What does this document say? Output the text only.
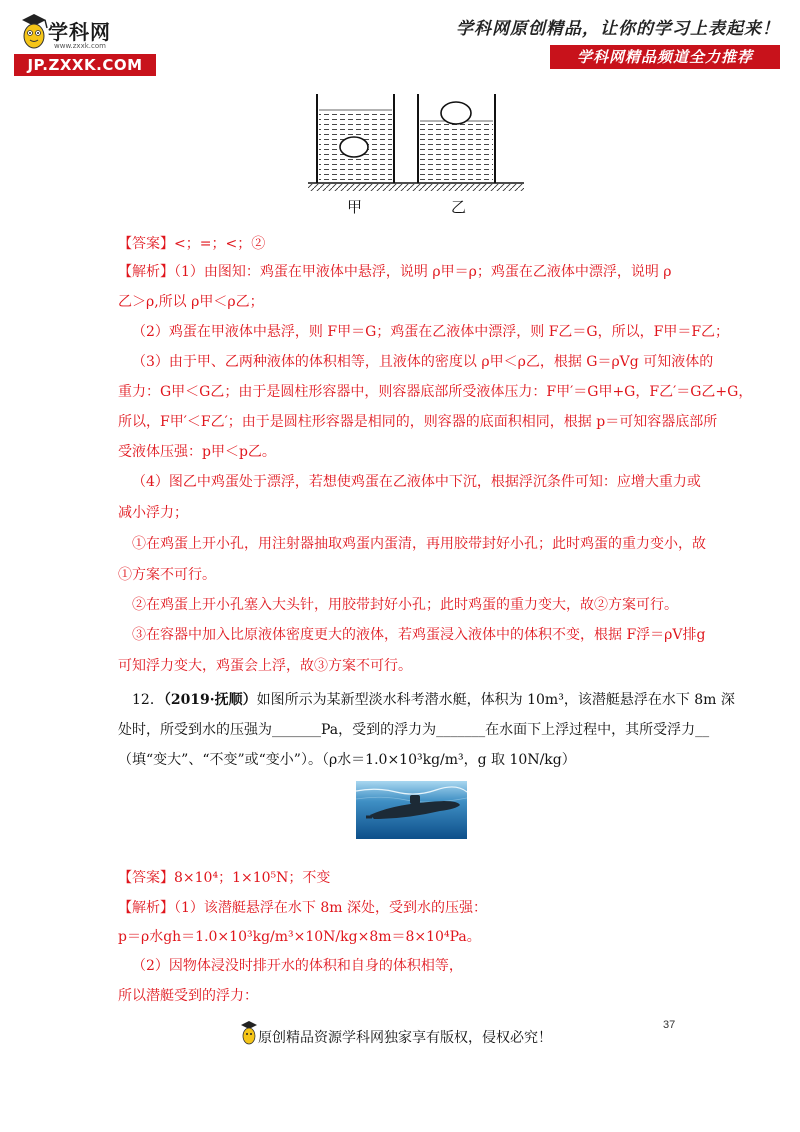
学科网
www.zxxk.com
JP.ZXXK.COM
学科网原创精品，让你的学习上表起来！
学科网精品频道全力推荐
甲	乙
【答案】<；=；<；②
【解析】（1）由图知：鸡蛋在甲液体中悬浮，说明 ρ甲＝ρ；鸡蛋在乙液体中漂浮，说明 ρ
乙＞ρ,所以 ρ甲＜ρ乙；
（2）鸡蛋在甲液体中悬浮，则 F甲＝G；鸡蛋在乙液体中漂浮，则 F乙＝G，所以，F甲＝F乙；
（3）由于甲、乙两种液体的体积相等，且液体的密度以 ρ甲＜ρ乙，根据 G＝ρVg 可知液体的
重力：G甲＜G乙；由于是圆柱形容器中，则容器底部所受液体压力：F甲′＝G甲+G，F乙′＝G乙+G，
所以，F甲′＜F乙′；由于是圆柱形容器是相同的，则容器的底面积相同，根据 p＝可知容器底部所
受液体压强：p甲＜p乙。
（4）图乙中鸡蛋处于漂浮，若想使鸡蛋在乙液体中下沉，根据浮沉条件可知：应增大重力或
减小浮力；
①在鸡蛋上开小孔，用注射器抽取鸡蛋内蛋清，再用胶带封好小孔；此时鸡蛋的重力变小，故
①方案不可行。
②在鸡蛋上开小孔塞入大头针，用胶带封好小孔；此时鸡蛋的重力变大，故②方案可行。
③在容器中加入比原液体密度更大的液体，若鸡蛋浸入液体中的体积不变，根据 F浮＝ρV排g
可知浮力变大，鸡蛋会上浮，故③方案不可行。
12．（2019·抚顺）如图所示为某新型淡水科考潜水艇，体积为 10m³，该潜艇悬浮在水下 8m 深
处时，所受到水的压强为_______Pa，受到的浮力为_______在水面下上浮过程中，其所受浮力__
（填“变大”、“不变”或“变小”）。（ρ水＝1.0×10³kg/m³，g 取 10N/kg）
【答案】8×10⁴；1×10⁵N；不变
【解析】（1）该潜艇悬浮在水下 8m 深处，受到水的压强：
p＝ρ水gh＝1.0×10³kg/m³×10N/kg×8m＝8×10⁴Pa。
（2）因物体浸没时排开水的体积和自身的体积相等，
所以潜艇受到的浮力：
37
原创精品资源学科网独家享有版权，侵权必究！
